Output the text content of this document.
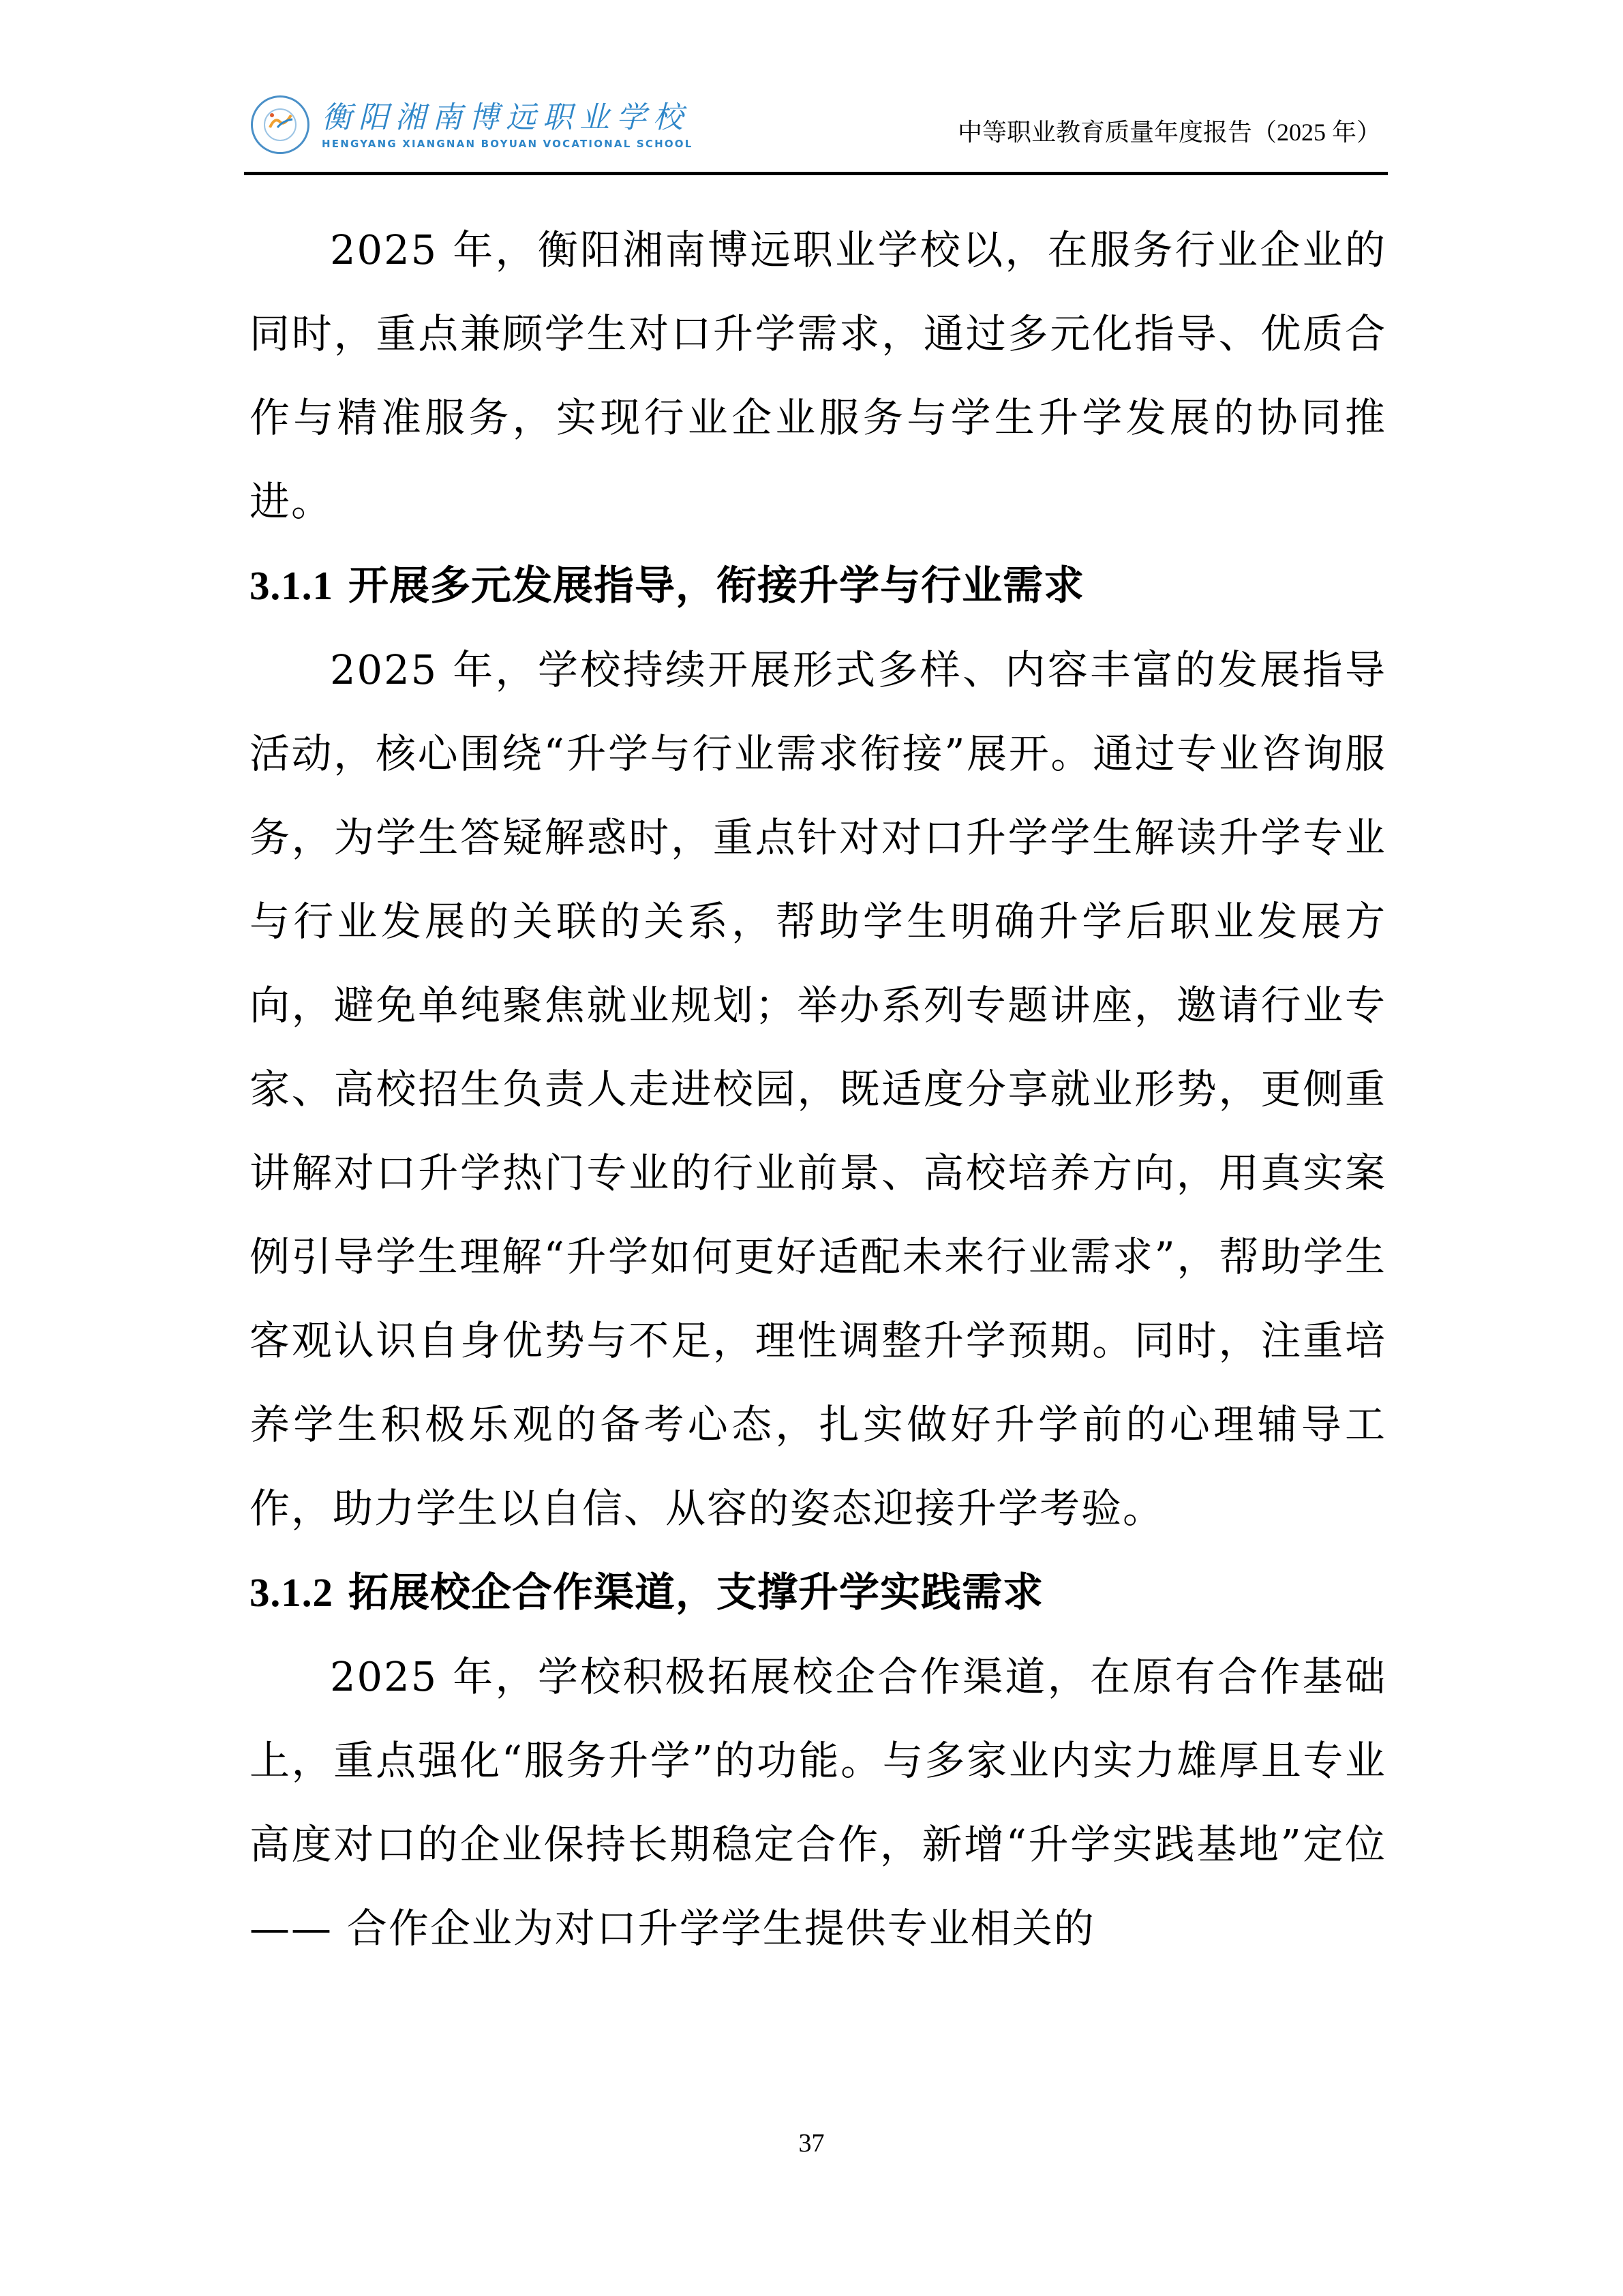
衡阳湘南博远职业学校
HENGYANG XIANGNAN BOYUAN VOCATIONAL SCHOOL	中等职业教育质量年度报告（2025 年）

2025 年，衡阳湘南博远职业学校以，在服务行业企业的同时，重点兼顾学生对口升学需求，通过多元化指导、优质合作与精准服务，实现行业企业服务与学生升学发展的协同推进。

3.1.1 开展多元发展指导，衔接升学与行业需求

2025 年，学校持续开展形式多样、内容丰富的发展指导活动，核心围绕“升学与行业需求衔接”展开。通过专业咨询服务，为学生答疑解惑时，重点针对对口升学学生解读升学专业与行业发展的关联的关系，帮助学生明确升学后职业发展方向，避免单纯聚焦就业规划；举办系列专题讲座，邀请行业专家、高校招生负责人走进校园，既适度分享就业形势，更侧重讲解对口升学热门专业的行业前景、高校培养方向，用真实案例引导学生理解“升学如何更好适配未来行业需求”，帮助学生客观认识自身优势与不足，理性调整升学预期。同时，注重培养学生积极乐观的备考心态，扎实做好升学前的心理辅导工作，助力学生以自信、从容的姿态迎接升学考验。

3.1.2 拓展校企合作渠道，支撑升学实践需求

2025 年，学校积极拓展校企合作渠道，在原有合作基础上，重点强化“服务升学”的功能。与多家业内实力雄厚且专业高度对口的企业保持长期稳定合作，新增“升学实践基地”定位 —— 合作企业为对口升学学生提供专业相关的

37
